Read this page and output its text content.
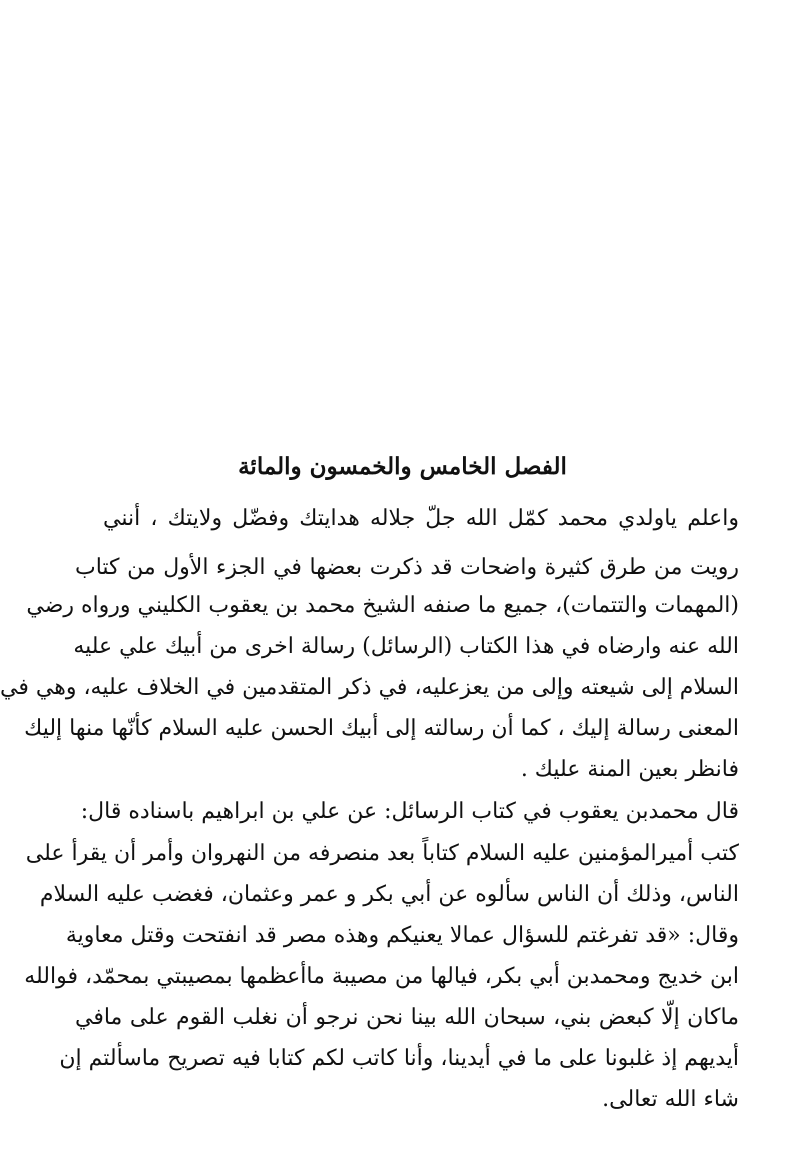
الفصل الخامس والخمسون والمائة
واعلم ياولدي محمد كمّل الله جلّ جلاله هدايتك وفضّل ولايتك ، أنني
رويت من طرق كثيرة واضحات قد ذكرت بعضها في الجزء الأول من كتاب
(المهمات والتتمات)، جميع ما صنفه الشيخ محمد بن يعقوب الكليني ورواه رضي
الله عنه وارضاه في هذا الكتاب (الرسائل) رسالة اخرى من أبيك علي عليه
السلام إلى شيعته وإلى من يعزعليه، في ذكر المتقدمين في الخلاف عليه، وهي في
المعنى رسالة إليك ، كما أن رسالته إلى أبيك الحسن عليه السلام كأنّها منها إليك
فانظر بعين المنة عليك .
قال محمدبن يعقوب في كتاب الرسائل: عن علي بن ابراهيم باسناده قال:
كتب أميرالمؤمنين عليه السلام كتاباً بعد منصرفه من النهروان وأمر أن يقرأ على
الناس، وذلك أن الناس سألوه عن أبي بكر و عمر وعثمان، فغضب عليه السلام
وقال: «قد تفرغتم للسؤال عمالا يعنيكم وهذه مصر قد انفتحت وقتل معاوية
ابن خديج ومحمدبن أبي بكر، فيالها من مصيبة ماأعظمها بمصيبتي بمحمّد، فوالله
ماكان إلّا كبعض بني، سبحان الله بينا نحن نرجو أن نغلب القوم على مافي
أيديهم إذ غلبونا على ما في أيدينا، وأنا كاتب لكم كتابا فيه تصريح ماسألتم إن
شاء الله تعالى.
